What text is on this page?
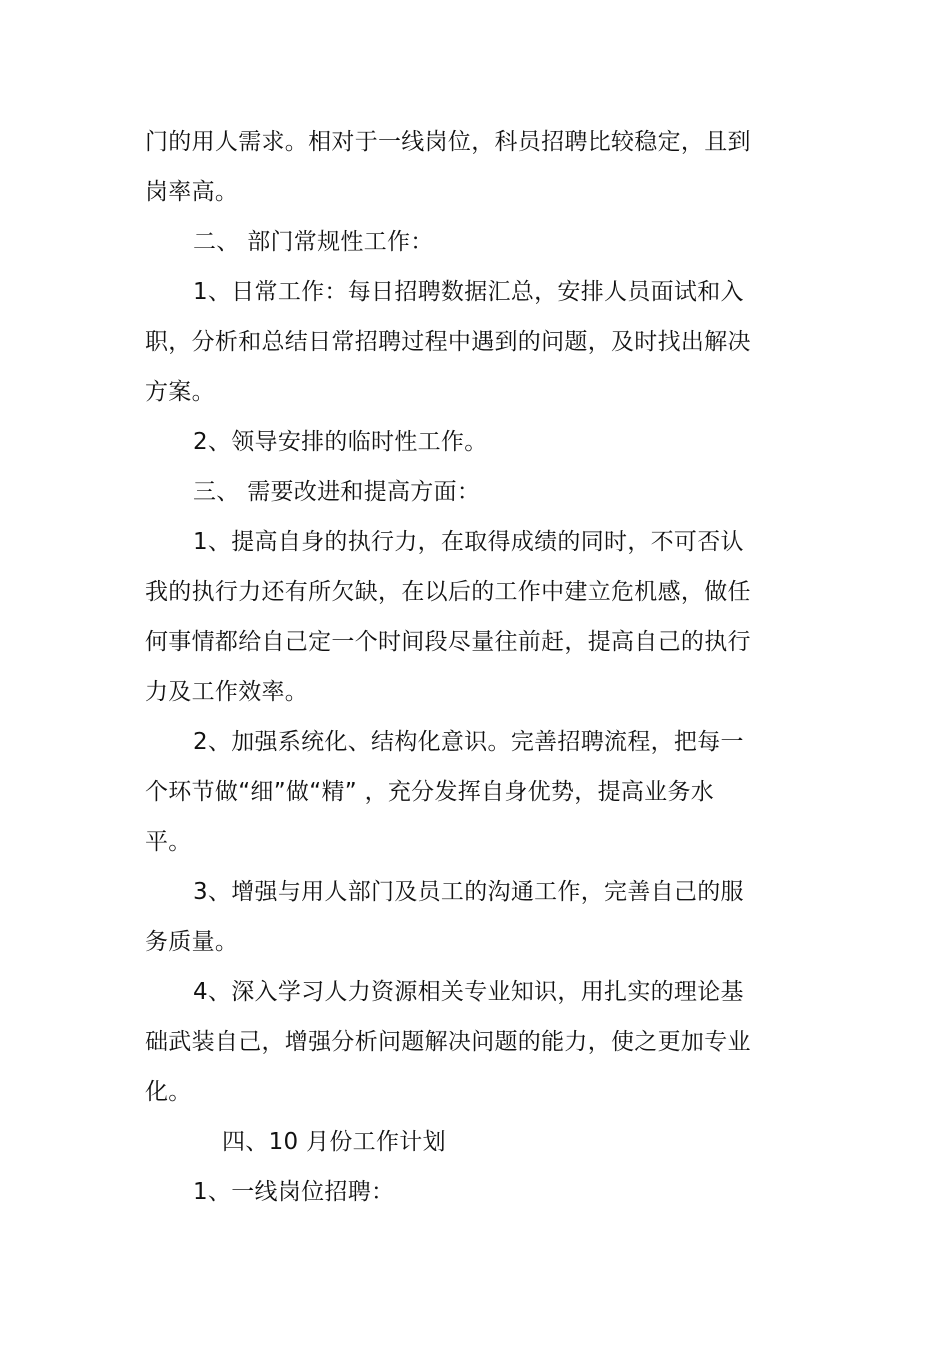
门的用人需求。相对于一线岗位，科员招聘比较稳定，且到
岗率高。
二、 部门常规性工作：
1、日常工作：每日招聘数据汇总，安排人员面试和入
职，分析和总结日常招聘过程中遇到的问题，及时找出解决
方案。
2、领导安排的临时性工作。
三、 需要改进和提高方面：
1、提高自身的执行力，在取得成绩的同时，不可否认
我的执行力还有所欠缺，在以后的工作中建立危机感，做任
何事情都给自己定一个时间段尽量往前赶，提高自己的执行
力及工作效率。
2、加强系统化、结构化意识。完善招聘流程，把每一
个环节做“细”做“精” ，充分发挥自身优势，提高业务水
平。
3、增强与用人部门及员工的沟通工作，完善自己的服
务质量。
4、深入学习人力资源相关专业知识，用扎实的理论基
础武装自己，增强分析问题解决问题的能力，使之更加专业
化。
四、10 月份工作计划
1、一线岗位招聘：
